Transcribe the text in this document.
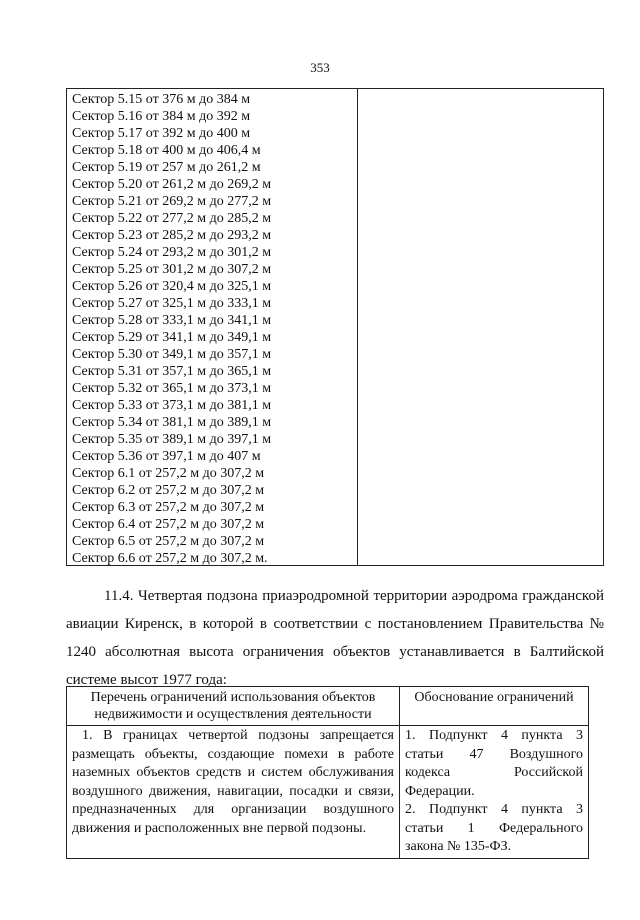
353
Сектор 5.15 от 376 м до 384 м
Сектор 5.16 от 384 м до 392 м
Сектор 5.17 от 392 м до 400 м
Сектор 5.18 от 400 м до 406,4 м
Сектор 5.19 от 257 м до 261,2 м
Сектор 5.20 от 261,2 м до 269,2 м
Сектор 5.21 от 269,2 м до 277,2 м
Сектор 5.22 от 277,2 м до 285,2 м
Сектор 5.23 от 285,2 м до 293,2 м
Сектор 5.24 от 293,2 м до 301,2 м
Сектор 5.25 от 301,2 м до 307,2 м
Сектор 5.26 от 320,4 м до 325,1 м
Сектор 5.27 от 325,1 м до 333,1 м
Сектор 5.28 от 333,1 м до 341,1 м
Сектор 5.29 от 341,1 м до 349,1 м
Сектор 5.30 от 349,1 м до 357,1 м
Сектор 5.31 от 357,1 м до 365,1 м
Сектор 5.32 от 365,1 м до 373,1 м
Сектор 5.33 от 373,1 м до 381,1 м
Сектор 5.34 от 381,1 м до 389,1 м
Сектор 5.35 от 389,1 м до 397,1 м
Сектор 5.36 от 397,1 м до 407 м
Сектор 6.1 от 257,2 м до 307,2 м
Сектор 6.2 от 257,2 м до 307,2 м
Сектор 6.3 от 257,2 м до 307,2 м
Сектор 6.4 от 257,2 м до 307,2 м
Сектор 6.5 от 257,2 м до 307,2 м
Сектор 6.6 от 257,2 м до 307,2 м.
11.4. Четвертая подзона приаэродромной территории аэродрома гражданской авиации Киренск, в которой в соответствии с постановлением Правительства № 1240 абсолютная высота ограничения объектов устанавливается в Балтийской системе высот 1977 года:
Перечень ограничений использования объектов недвижимости и осуществления деятельности	Обоснование ограничений
1. В границах четвертой подзоны запрещается размещать объекты, создающие помехи в работе наземных объектов средств и систем обслуживания воздушного движения, навигации, посадки и связи, предназначенных для организации воздушного движения и расположенных вне первой подзоны.	1. Подпункт 4 пункта 3 статьи 47 Воздушного кодекса Российской Федерации.
2. Подпункт 4 пункта 3 статьи 1 Федерального закона № 135-ФЗ.
